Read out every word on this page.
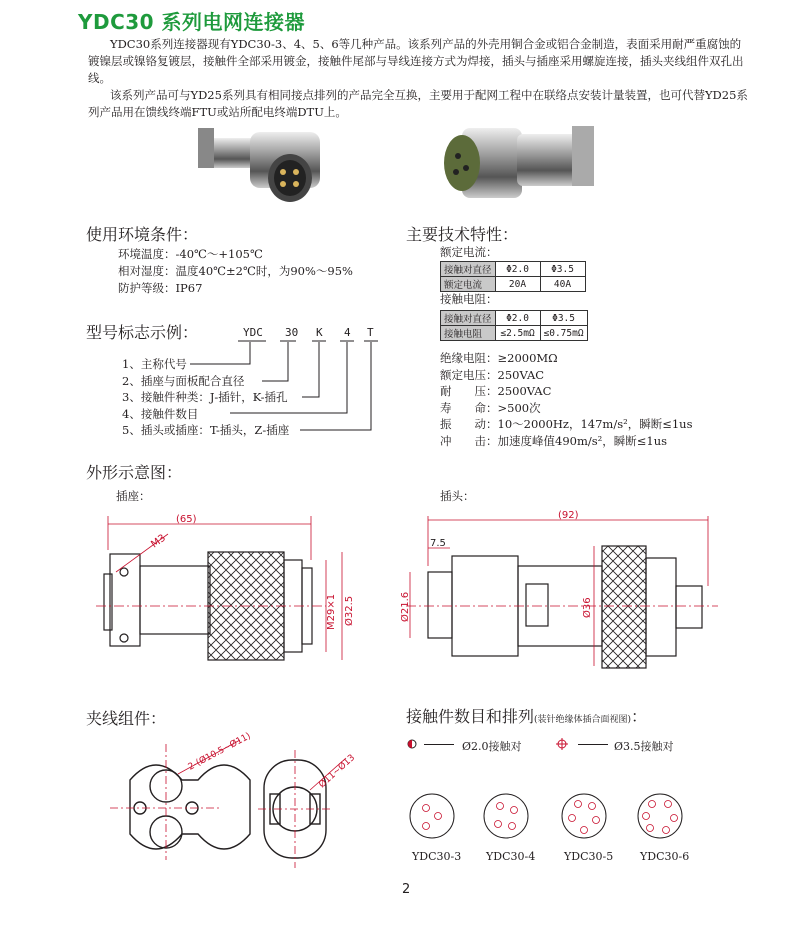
YDC30 系列电网连接器

YDC30系列连接器现有YDC30-3、4、5、6等几种产品。该系列产品的外壳用铜合金或铝合金制造，表面采用耐严重腐蚀的镀镍层或镍铬复镀层，接触件全部采用镀金，接触件尾部与导线连接方式为焊接，插头与插座采用螺旋连接，插头夹线组件双孔出线。

该系列产品可与YD25系列具有相同接点排列的产品完全互换，主要用于配网工程中在联络点安装计量装置，也可代替YD25系列产品用在馈线终端FTU或站所配电终端DTU上。

使用环境条件：
环境温度：-40℃～+105℃
相对湿度：温度40℃±2℃时，为90%～95%
防护等级：IP67
型号标志示例：	YDC 30 K 4 T
1、主称代号
2、插座与面板配合直径
3、接触件种类：J-插针，K-插孔
4、接触件数目
5、插头或插座：T-插头，Z-插座
主要技术特性：
额定电流：
接触对直径	Φ2.0	Φ3.5
额定电流	20A	40A
接触电阻：
接触对直径	Φ2.0	Φ3.5
接触电阻	≤2.5mΩ	≤0.75mΩ
绝缘电阻：≥2000MΩ
额定电压：250VAC
耐　　压：2500VAC
寿　　命：>500次
振　　动：10～2000Hz，147m/s²，瞬断≤1us
冲　　击：加速度峰值490m/s²，瞬断≤1us
外形示意图：
插座：	插头：
(65)
M3
M29×1 Ø32.5
(92)
7.5
Ø21.6	Ø36
夹线组件：
2-(Ø10.5~Ø11)	Ø11~Ø13
接触件数目和排列(装针绝缘体插合面视图)：
Ø2.0接触对	Ø3.5接触对
YDC30-3 YDC30-4	YDC30-5 YDC30-6
2
